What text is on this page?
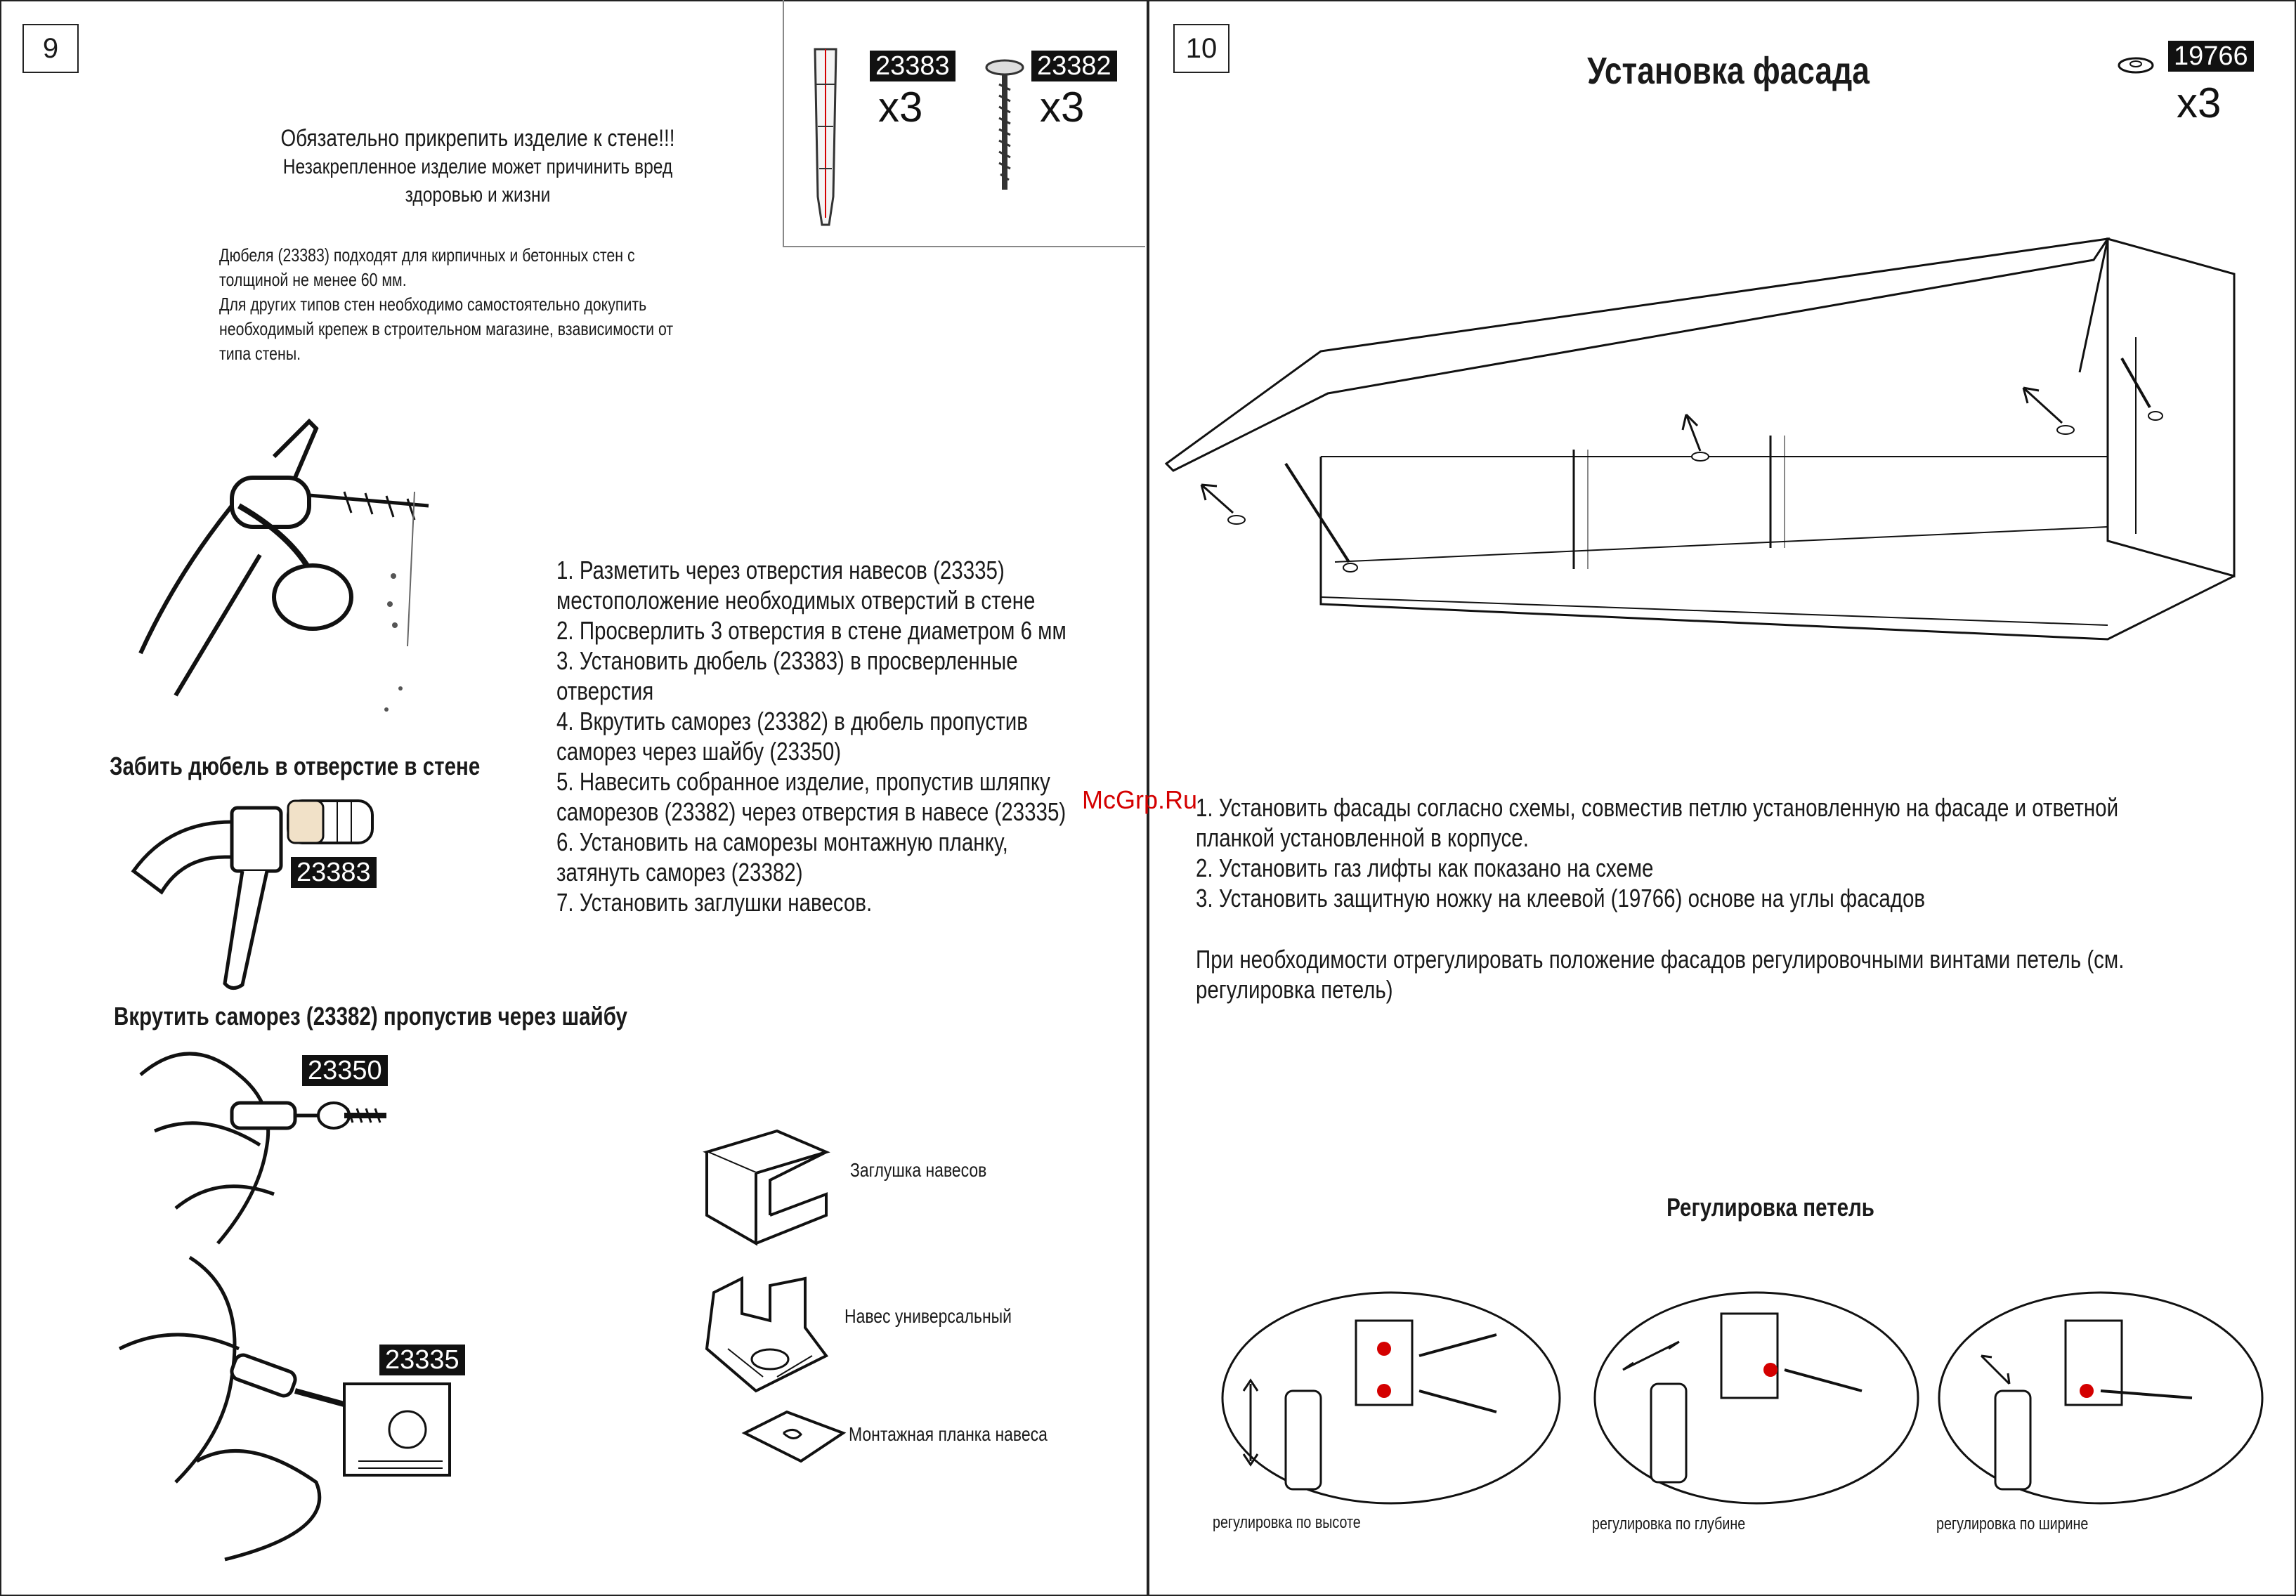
9
23383
x3
23382
x3
Обязательно прикрепить изделие к стене!!!
Незакрепленное изделие может причинить вред
здоровью и жизни
Дюбеля (23383) подходят для кирпичных и бетонных стен с
толщиной не менее 60 мм.
Для других типов стен необходимо самостоятельно докупить
необходимый крепеж в строительном магазине, взависимости от
типа стены.
1. Разметить через отверстия навесов (23335)
местоположение необходимых отверстий в стене
2. Просверлить 3 отверстия в стене диаметром 6 мм
3. Установить дюбель (23383) в просверленные
отверстия
4. Вкрутить саморез (23382) в дюбель пропустив
саморез через шайбу (23350)
5. Навесить собранное изделие, пропустив шляпку
саморезов (23382) через отверстия в навесе (23335)
6. Установить на саморезы монтажную планку,
затянуть саморез (23382)
7. Установить заглушки навесов.
Забить дюбель в отверстие в стене
23383
Вкрутить саморез (23382) пропустив через шайбу
23350
23335
Заглушка навесов
Навес универсальный
Монтажная планка навеса
10
Установка фасада	19766
x3
McGrp.Ru
1. Установить фасады согласно схемы, совместив петлю установленную на фасаде и ответной
планкой установленной в корпусе.
2. Установить газ лифты как показано на схеме
3. Установить защитную ножку на клеевой (19766) основе на углы фасадов
При необходимости отрегулировать положение фасадов регулировочными винтами петель (см.
регулировка петель)
Регулировка петель
регулировка по высоте	регулировка по глубине	регулировка по ширине
